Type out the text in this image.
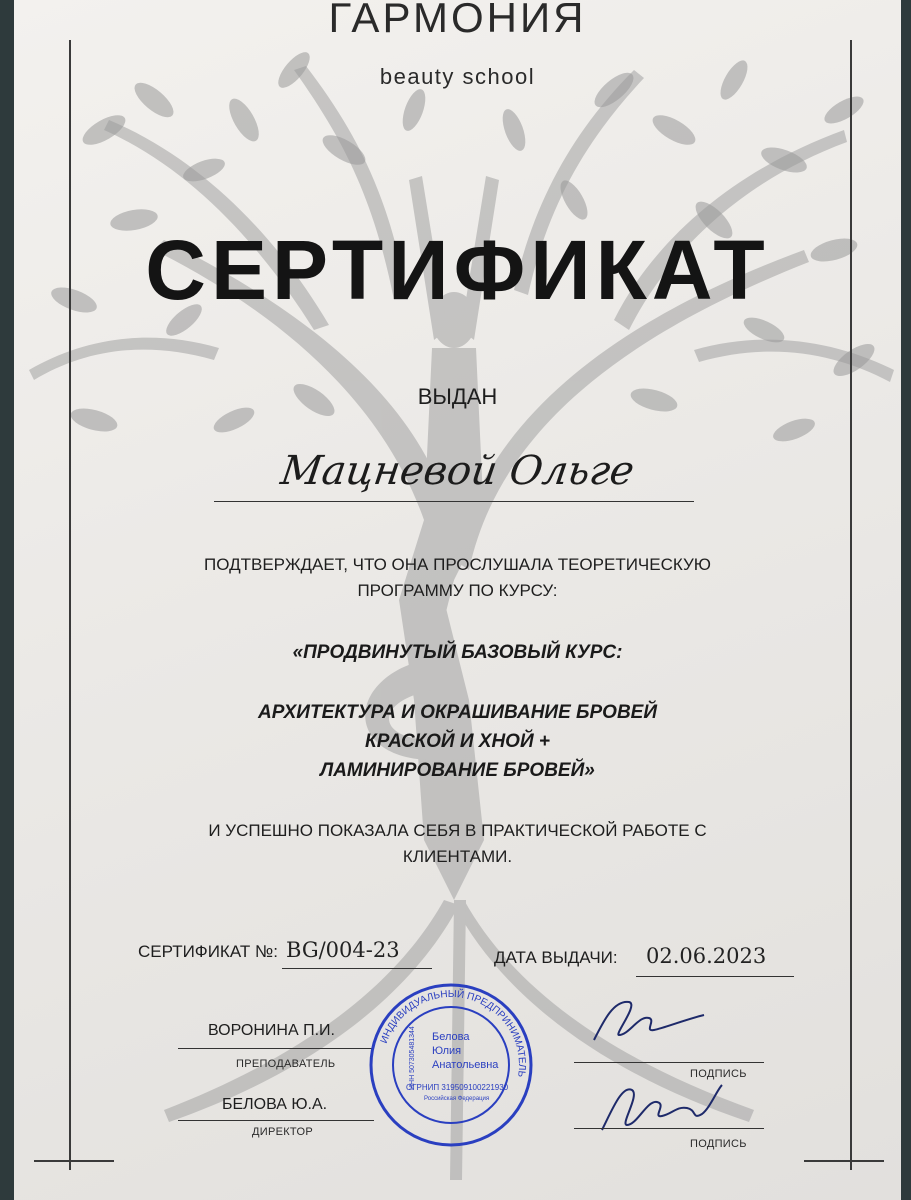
ГАРМОНИЯ
beauty school
СЕРТИФИКАТ
ВЫДАН
Мацневой Ольге
ПОДТВЕРЖДАЕТ, ЧТО ОНА ПРОСЛУШАЛА ТЕОРЕТИЧЕСКУЮ
ПРОГРАММУ ПО КУРСУ:
«ПРОДВИНУТЫЙ БАЗОВЫЙ КУРС:
АРХИТЕКТУРА И ОКРАШИВАНИЕ БРОВЕЙ
КРАСКОЙ И ХНОЙ +
ЛАМИНИРОВАНИЕ БРОВЕЙ»
И УСПЕШНО ПОКАЗАЛА СЕБЯ В ПРАКТИЧЕСКОЙ РАБОТЕ С
КЛИЕНТАМИ.
СЕРТИФИКАТ №: BG/004-23	ДАТА ВЫДАЧИ: 02.06.2023
ВОРОНИНА П.И.
ПРЕПОДАВАТЕЛЬ
БЕЛОВА Ю.А.
ДИРЕКТОР
ПОДПИСЬ
ПОДПИСЬ
ИНДИВИДУАЛЬНЫЙ ПРЕДПРИНИМАТЕЛЬ
Белова
Юлия
Анатольевна
ОГРНИП 319509100221930
Российская Федерация
ИНН 507305481344
